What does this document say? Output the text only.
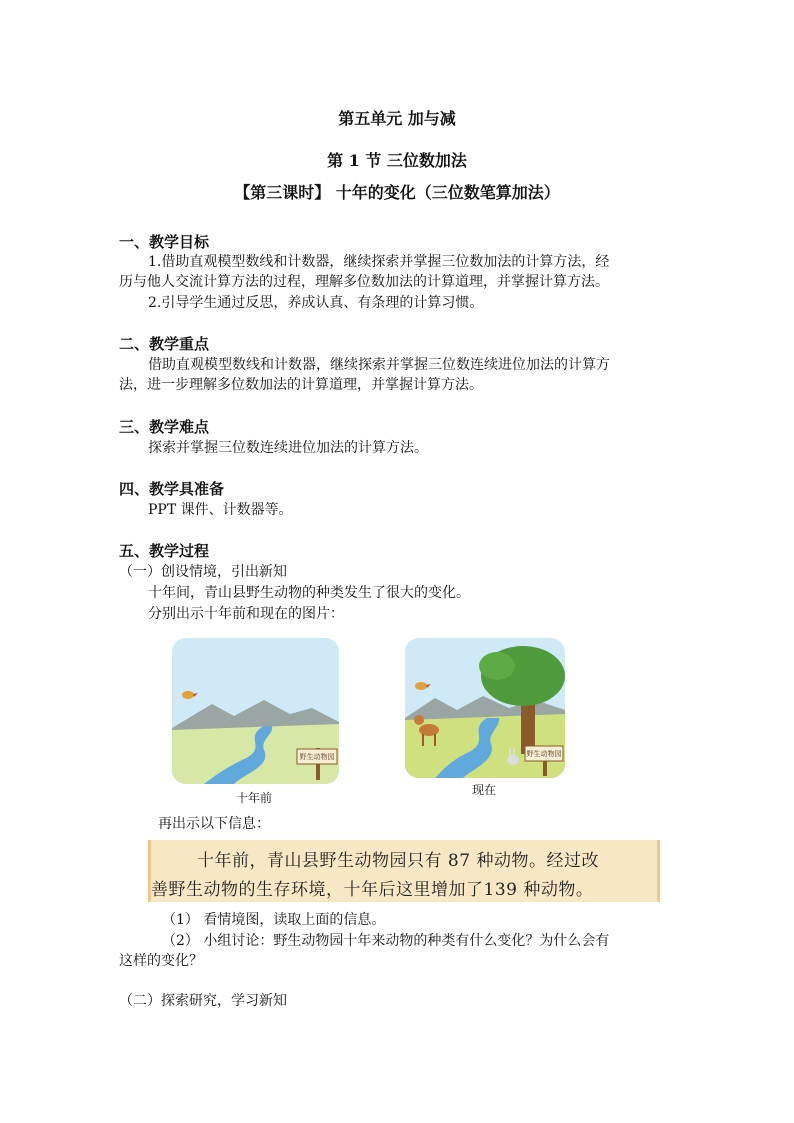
第五单元 加与减
第 1 节 三位数加法
【第三课时】 十年的变化（三位数笔算加法）
一、教学目标
1.借助直观模型数线和计数器，继续探索并掌握三位数加法的计算方法，经
历与他人交流计算方法的过程，理解多位数加法的计算道理，并掌握计算方法。
2.引导学生通过反思，养成认真、有条理的计算习惯。
二、教学重点
借助直观模型数线和计数器，继续探索并掌握三位数连续进位加法的计算方
法，进一步理解多位数加法的计算道理，并掌握计算方法。
三、教学难点
探索并掌握三位数连续进位加法的计算方法。
四、教学具准备
PPT 课件、计数器等。
五、教学过程
（一）创设情境，引出新知
十年间，青山县野生动物的种类发生了很大的变化。
分别出示十年前和现在的图片：
野生动物园	野生动物园
十年前
现在
再出示以下信息：
十年前，青山县野生动物园只有 87 种动物。经过改
善野生动物的生存环境，十年后这里增加了139 种动物。
（1） 看情境图，读取上面的信息。
（2） 小组讨论：野生动物园十年来动物的种类有什么变化？为什么会有
这样的变化？
（二）探索研究，学习新知
